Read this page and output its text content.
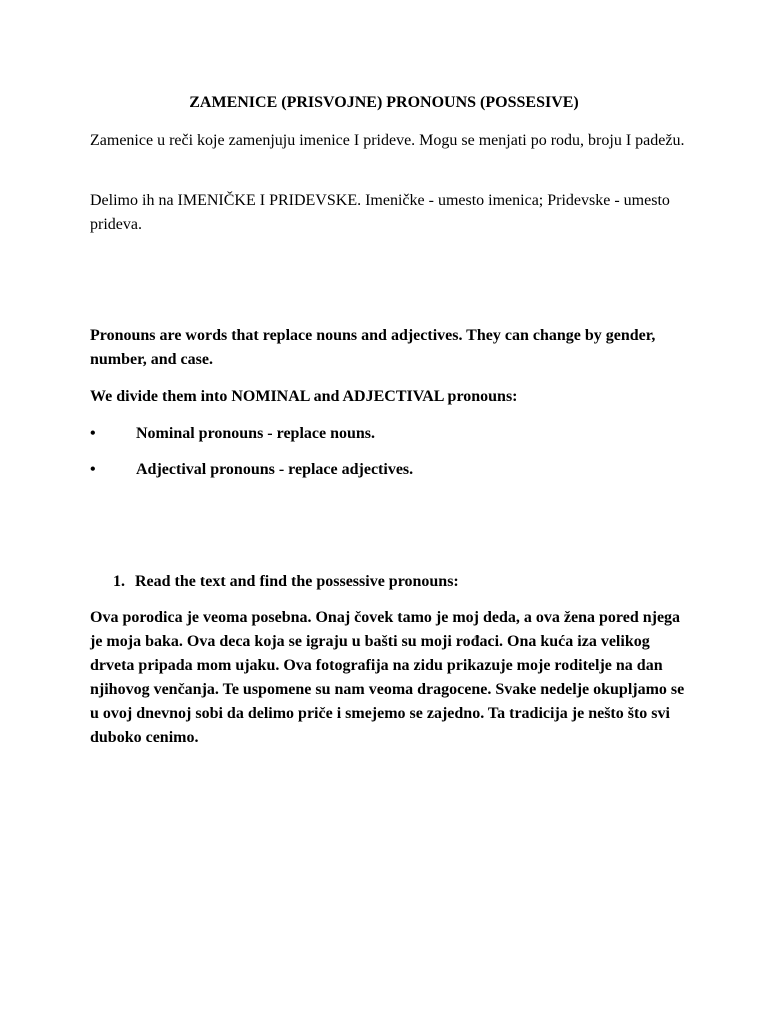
ZAMENICE (PRISVOJNE) PRONOUNS (POSSESIVE)

Zamenice u reči koje zamenjuju imenice I prideve. Mogu se menjati po rodu, broju I padežu.

Delimo ih na IMENIČKE I PRIDEVSKE. Imeničke - umesto imenica; Pridevske - umesto prideva.

Pronouns are words that replace nouns and adjectives. They can change by gender, number, and case.

We divide them into NOMINAL and ADJECTIVAL pronouns:

•	Nominal pronouns - replace nouns.
•	Adjectival pronouns - replace adjectives.
1. Read the text and find the possessive pronouns:

Ova porodica je veoma posebna. Onaj čovek tamo je moj deda, a ova žena pored njega je moja baka. Ova deca koja se igraju u bašti su moji rođaci. Ona kuća iza velikog drveta pripada mom ujaku. Ova fotografija na zidu prikazuje moje roditelje na dan njihovog venčanja. Te uspomene su nam veoma dragocene. Svake nedelje okupljamo se u ovoj dnevnoj sobi da delimo priče i smejemo se zajedno. Ta tradicija je nešto što svi duboko cenimo.
